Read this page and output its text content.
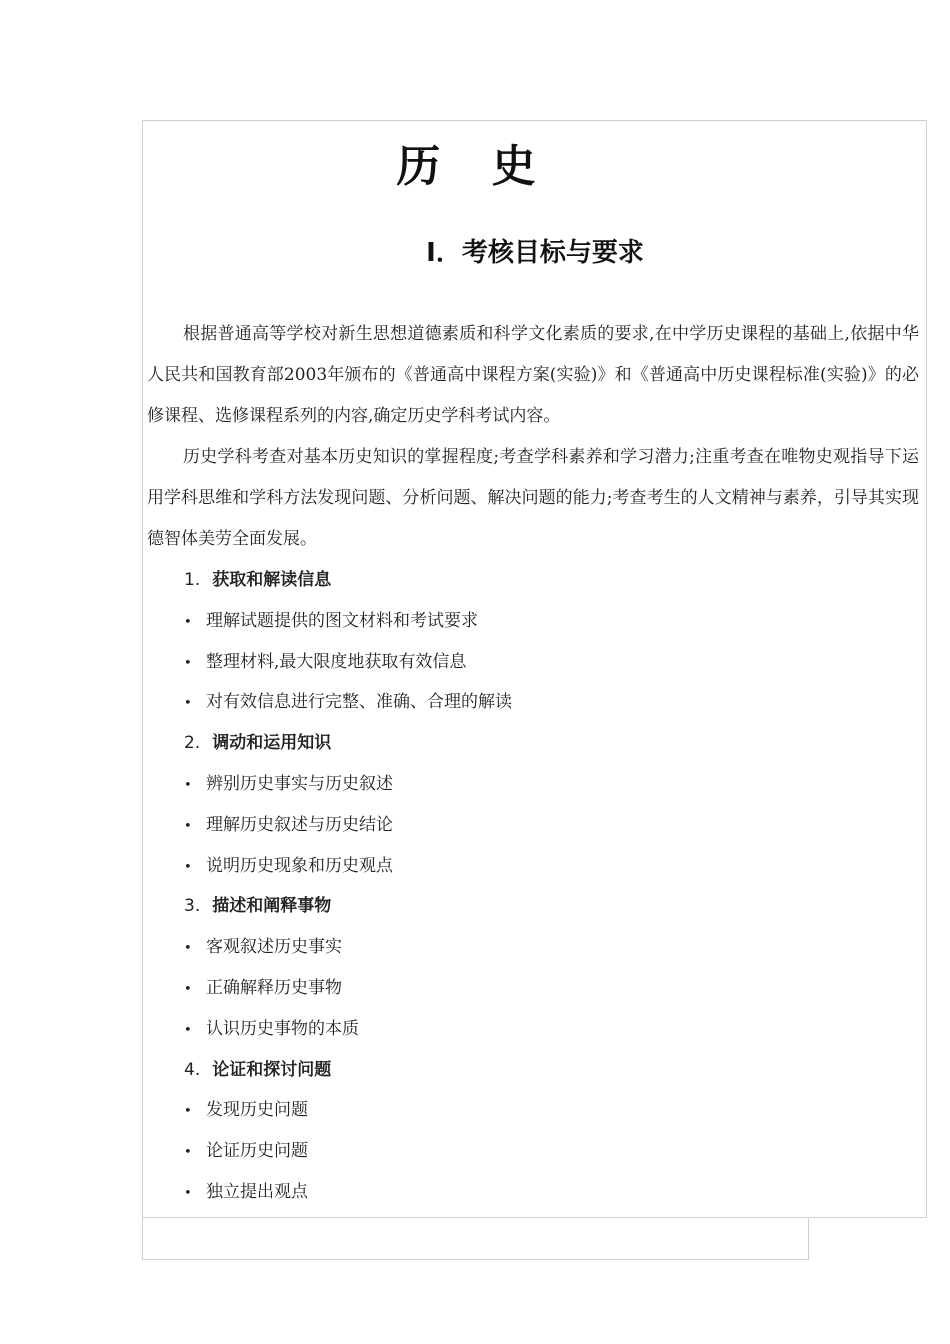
历 史
Ⅰ．考核目标与要求

根据普通高等学校对新生思想道德素质和科学文化素质的要求,在中学历史课程的基础上,依据中华人民共和国教育部2003年颁布的《普通高中课程方案(实验)》和《普通高中历史课程标准(实验)》的必修课程、选修课程系列的内容,确定历史学科考试内容。

历史学科考查对基本历史知识的掌握程度;考查学科素养和学习潜力;注重考查在唯物史观指导下运用学科思维和学科方法发现问题、分析问题、解决问题的能力;考查考生的人文精神与素养，引导其实现德智体美劳全面发展。

1. 获取和解读信息
• 理解试题提供的图文材料和考试要求
• 整理材料,最大限度地获取有效信息
• 对有效信息进行完整、准确、合理的解读
2. 调动和运用知识
• 辨别历史事实与历史叙述
• 理解历史叙述与历史结论
• 说明历史现象和历史观点
3. 描述和阐释事物
• 客观叙述历史事实
• 正确解释历史事物
• 认识历史事物的本质
4. 论证和探讨问题
• 发现历史问题
• 论证历史问题
• 独立提出观点
